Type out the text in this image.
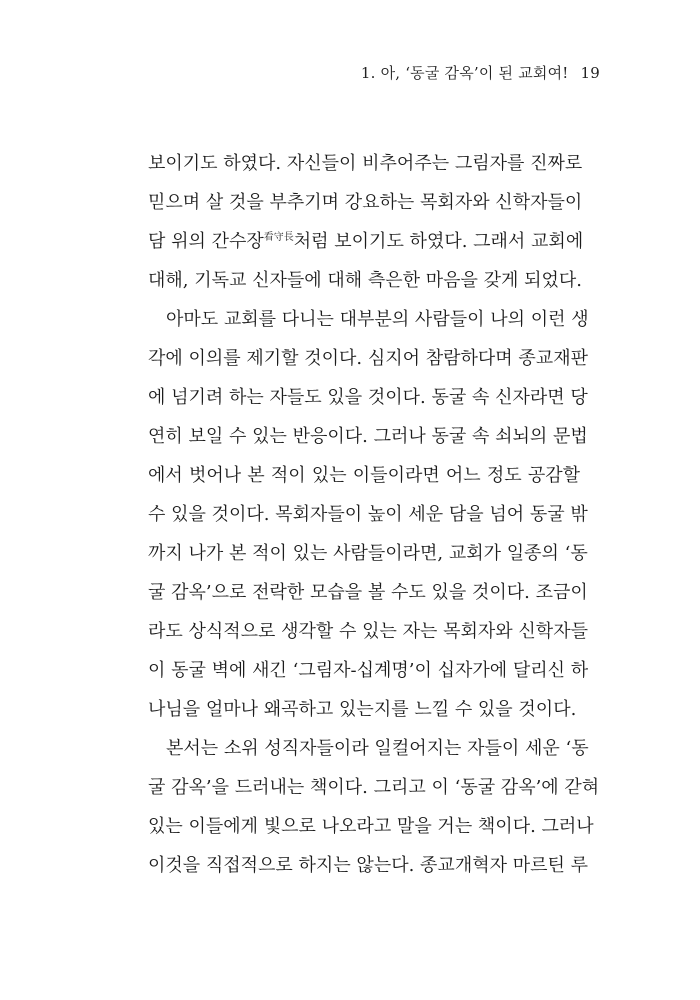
1. 아, ‘동굴 감옥’이 된 교회여! 19
보이기도 하였다. 자신들이 비추어주는 그림자를 진짜로
믿으며 살 것을 부추기며 강요하는 목회자와 신학자들이
담 위의 간수장$^{看守長}$처럼 보이기도 하였다. 그래서 교회에
대해, 기독교 신자들에 대해 측은한 마음을 갖게 되었다.
아마도 교회를 다니는 대부분의 사람들이 나의 이런 생
각에 이의를 제기할 것이다. 심지어 참람하다며 종교재판
에 넘기려 하는 자들도 있을 것이다. 동굴 속 신자라면 당
연히 보일 수 있는 반응이다. 그러나 동굴 속 쇠뇌의 문법
에서 벗어나 본 적이 있는 이들이라면 어느 정도 공감할
수 있을 것이다. 목회자들이 높이 세운 담을 넘어 동굴 밖
까지 나가 본 적이 있는 사람들이라면, 교회가 일종의 ‘동
굴 감옥’으로 전락한 모습을 볼 수도 있을 것이다. 조금이
라도 상식적으로 생각할 수 있는 자는 목회자와 신학자들
이 동굴 벽에 새긴 ‘그림자-십계명’이 십자가에 달리신 하
나님을 얼마나 왜곡하고 있는지를 느낄 수 있을 것이다.
본서는 소위 성직자들이라 일컬어지는 자들이 세운 ‘동
굴 감옥’을 드러내는 책이다. 그리고 이 ‘동굴 감옥’에 갇혀
있는 이들에게 빛으로 나오라고 말을 거는 책이다. 그러나
이것을 직접적으로 하지는 않는다. 종교개혁자 마르틴 루
